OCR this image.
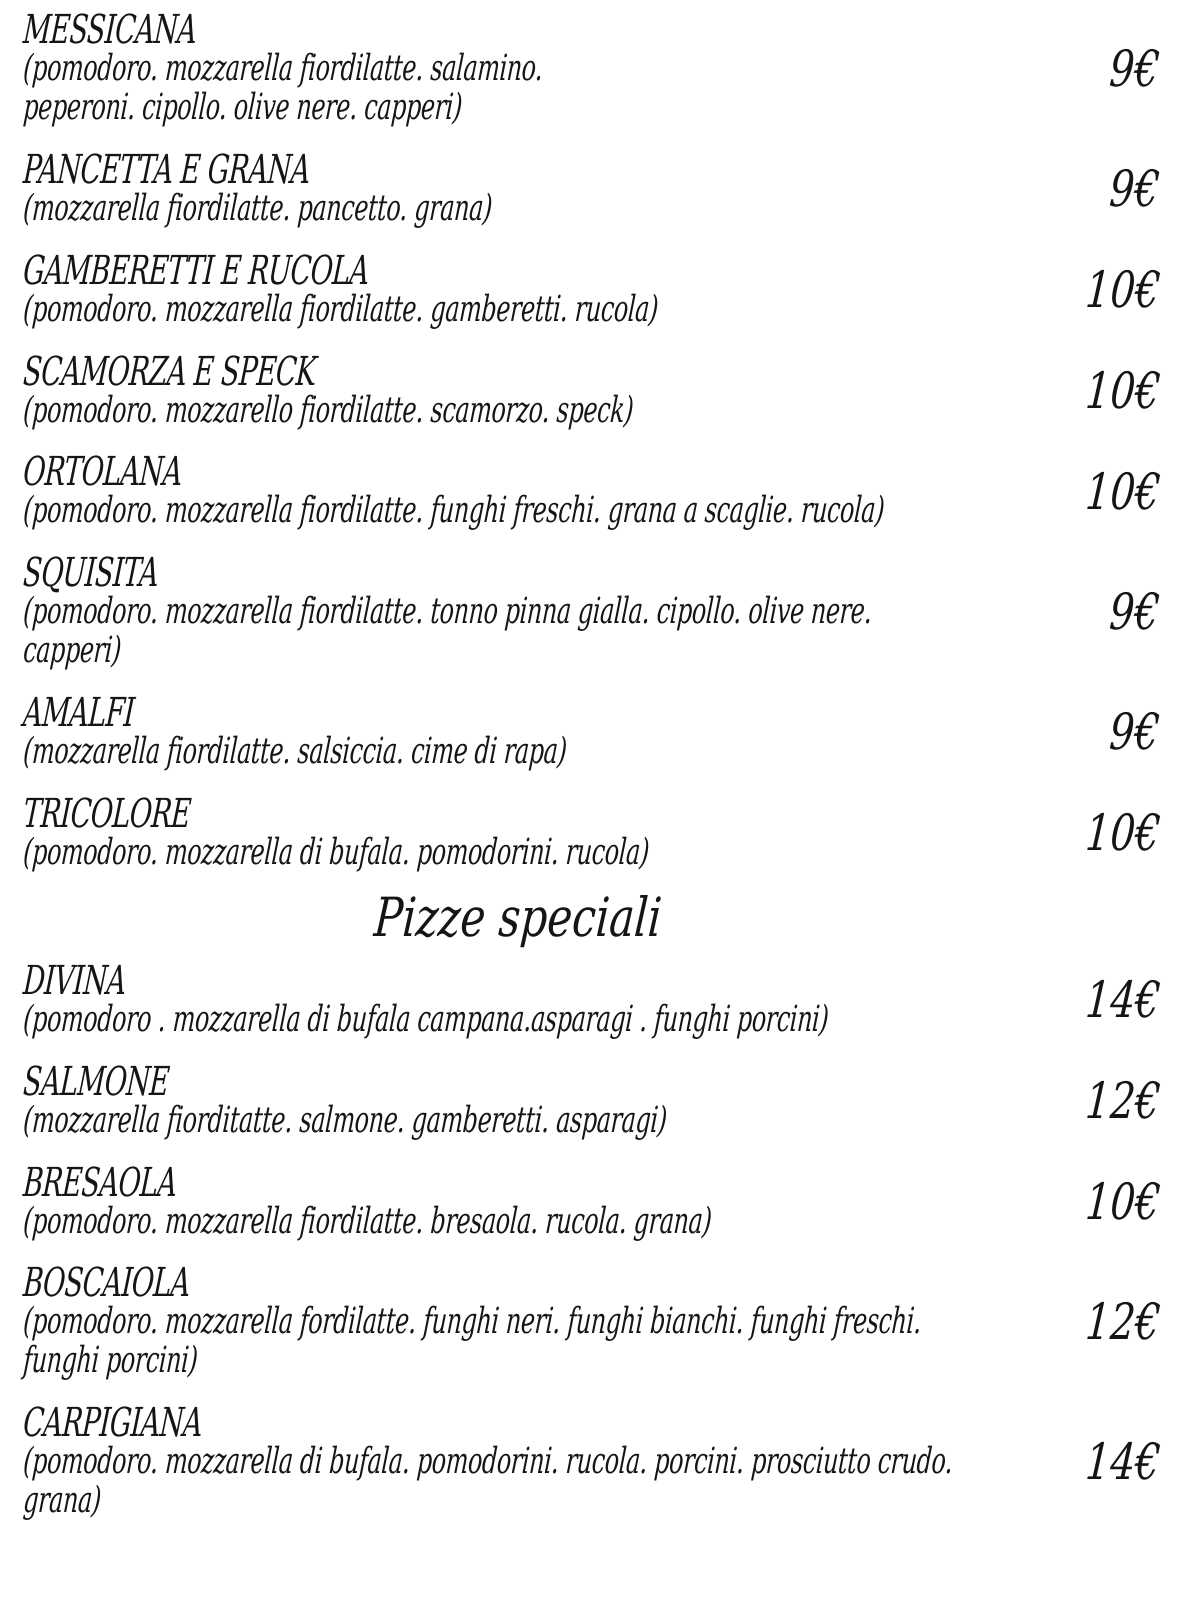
MESSICANA
(pomodoro. mozzarella fiordilatte. salamino.
peperoni. cipollo. olive nere. capperi)
9€
PANCETTA E GRANA
(mozzarella fiordilatte. pancetto. grana)	9€
GAMBERETTI E RUCOLA
(pomodoro. mozzarella fiordilatte. gamberetti. rucola)	10€
SCAMORZA E SPECK
(pomodoro. mozzarello fiordilatte. scamorzo. speck)	10€
ORTOLANA
(pomodoro. mozzarella fiordilatte. funghi freschi. grana a scaglie. rucola)	10€
SQUISITA
(pomodoro. mozzarella fiordilatte. tonno pinna gialla. cipollo. olive nere.
capperi)
9€
AMALFI
(mozzarella fiordilatte. salsiccia. cime di rapa)	9€
TRICOLORE
(pomodoro. mozzarella di bufala. pomodorini. rucola)	10€
Pizze speciali
DIVINA
(pomodoro . mozzarella di bufala campana.asparagi . funghi porcini)	14€
SALMONE
(mozzarella fiorditatte. salmone. gamberetti. asparagi)	12€
BRESAOLA
(pomodoro. mozzarella fiordilatte. bresaola. rucola. grana)	10€
BOSCAIOLA
(pomodoro. mozzarella fordilatte. funghi neri. funghi bianchi. funghi freschi.
funghi porcini)
12€
CARPIGIANA
(pomodoro. mozzarella di bufala. pomodorini. rucola. porcini. prosciutto crudo.
grana)
14€
